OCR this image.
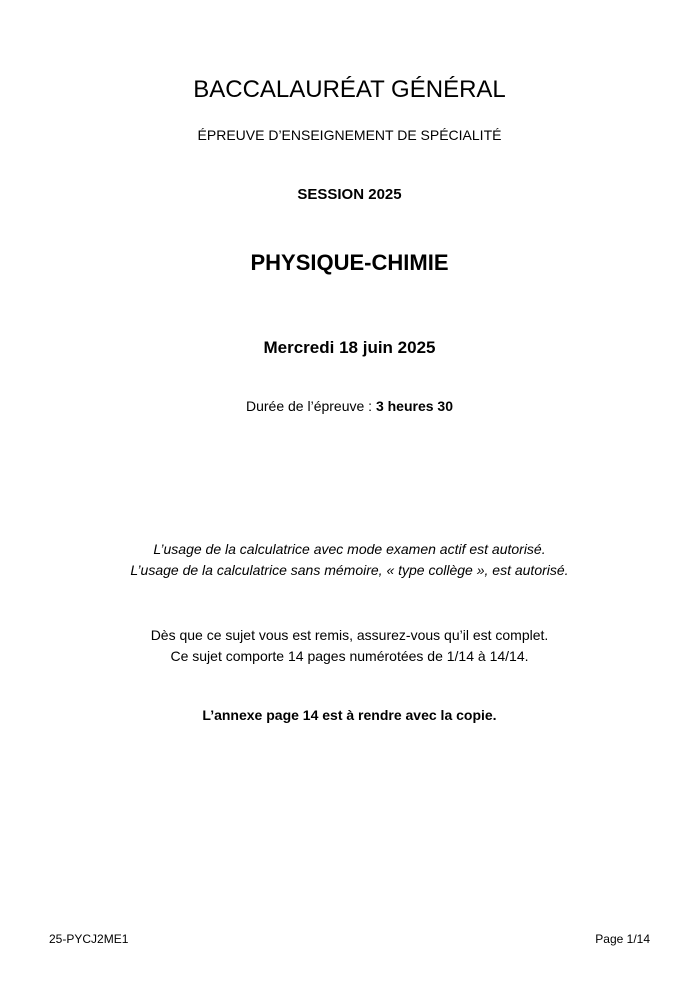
BACCALAURÉAT GÉNÉRAL
ÉPREUVE D’ENSEIGNEMENT DE SPÉCIALITÉ
SESSION 2025
PHYSIQUE-CHIMIE
Mercredi 18 juin 2025
Durée de l’épreuve : 3 heures 30
L’usage de la calculatrice avec mode examen actif est autorisé.
L’usage de la calculatrice sans mémoire, « type collège », est autorisé.
Dès que ce sujet vous est remis, assurez-vous qu’il est complet.
Ce sujet comporte 14 pages numérotées de 1/14 à 14/14.
L’annexe page 14 est à rendre avec la copie.
25-PYCJ2ME1	Page 1/14
